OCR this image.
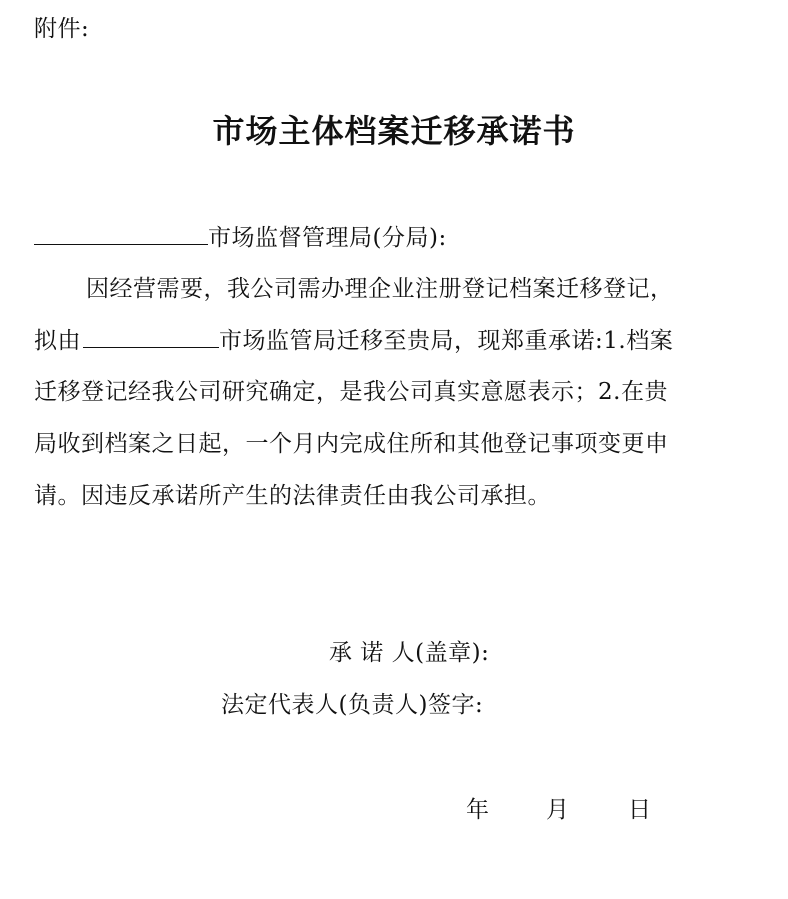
附件:
市场主体档案迁移承诺书
市场监督管理局(分局):
因经营需要，我公司需办理企业注册登记档案迁移登记，
拟由	市场监管局迁移至贵局，现郑重承诺:1.档案
迁移登记经我公司研究确定，是我公司真实意愿表示；2.在贵
局收到档案之日起，一个月内完成住所和其他登记事项变更申
请。因违反承诺所产生的法律责任由我公司承担。
承 诺 人(盖章):
法定代表人(负责人)签字:
年 月	日
